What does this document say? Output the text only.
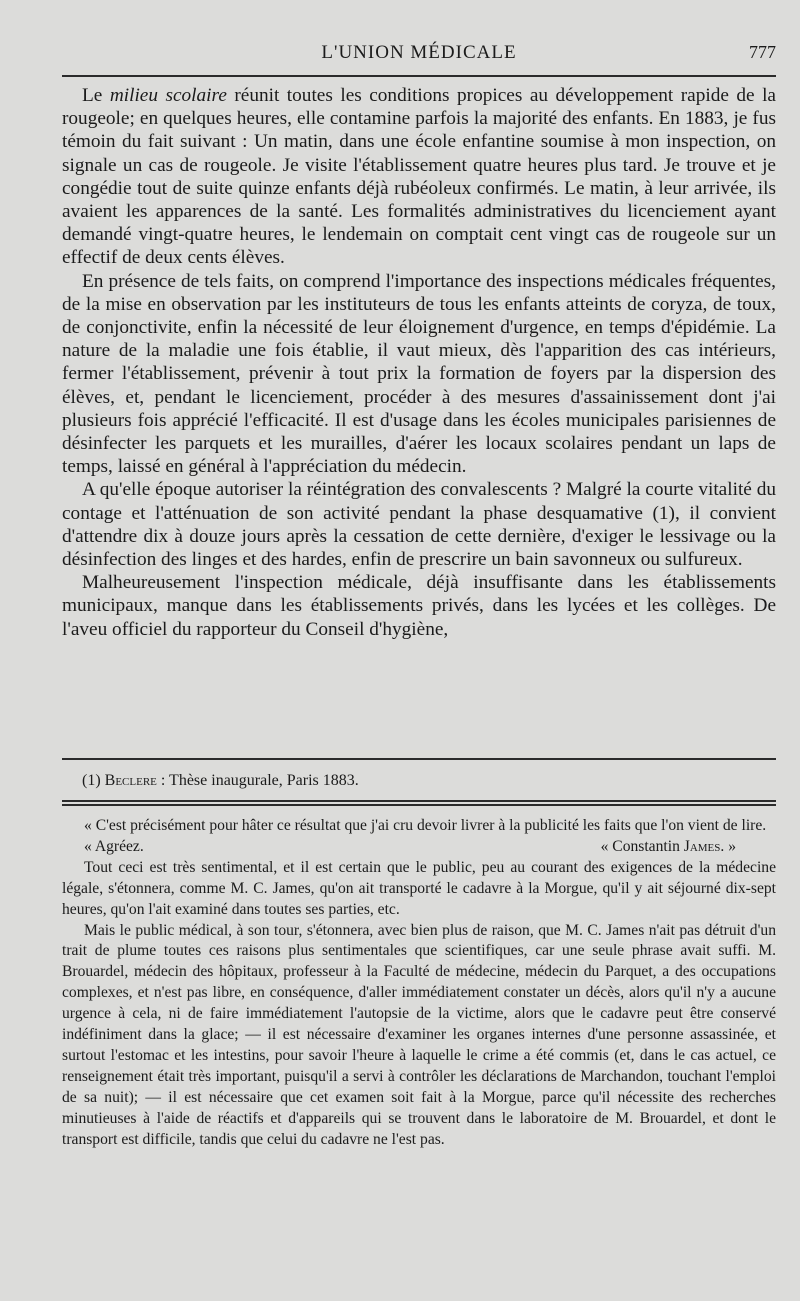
L'UNION MÉDICALE	777

Le milieu scolaire réunit toutes les conditions propices au développement rapide de la rougeole; en quelques heures, elle contamine parfois la majorité des enfants. En 1883, je fus témoin du fait suivant : Un matin, dans une école enfantine soumise à mon inspection, on signale un cas de rougeole. Je visite l'établissement quatre heures plus tard. Je trouve et je congédie tout de suite quinze enfants déjà rubéoleux confirmés. Le matin, à leur arrivée, ils avaient les apparences de la santé. Les formalités administratives du licenciement ayant demandé vingt-quatre heures, le lendemain on comptait cent vingt cas de rougeole sur un effectif de deux cents élèves.

En présence de tels faits, on comprend l'importance des inspections médicales fréquentes, de la mise en observation par les instituteurs de tous les enfants atteints de coryza, de toux, de conjonctivite, enfin la nécessité de leur éloignement d'urgence, en temps d'épidémie. La nature de la maladie une fois établie, il vaut mieux, dès l'apparition des cas intérieurs, fermer l'établissement, prévenir à tout prix la formation de foyers par la dispersion des élèves, et, pendant le licenciement, procéder à des mesures d'assainissement dont j'ai plusieurs fois apprécié l'efficacité. Il est d'usage dans les écoles municipales parisiennes de désinfecter les parquets et les murailles, d'aérer les locaux scolaires pendant un laps de temps, laissé en général à l'appréciation du médecin.

A qu'elle époque autoriser la réintégration des convalescents ? Malgré la courte vitalité du contage et l'atténuation de son activité pendant la phase desquamative (1), il convient d'attendre dix à douze jours après la cessation de cette dernière, d'exiger le lessivage ou la désinfection des linges et des hardes, enfin de prescrire un bain savonneux ou sulfureux.

Malheureusement l'inspection médicale, déjà insuffisante dans les établissements municipaux, manque dans les établissements privés, dans les lycées et les collèges. De l'aveu officiel du rapporteur du Conseil d'hygiène,

(1) Beclere : Thèse inaugurale, Paris 1883.

« C'est précisément pour hâter ce résultat que j'ai cru devoir livrer à la publicité les faits que l'on vient de lire.

« Agréez.	« Constantin James. »

Tout ceci est très sentimental, et il est certain que le public, peu au courant des exigences de la médecine légale, s'étonnera, comme M. C. James, qu'on ait transporté le cadavre à la Morgue, qu'il y ait séjourné dix-sept heures, qu'on l'ait examiné dans toutes ses parties, etc.

Mais le public médical, à son tour, s'étonnera, avec bien plus de raison, que M. C. James n'ait pas détruit d'un trait de plume toutes ces raisons plus sentimentales que scientifiques, car une seule phrase avait suffi. M. Brouardel, médecin des hôpitaux, professeur à la Faculté de médecine, médecin du Parquet, a des occupations complexes, et n'est pas libre, en conséquence, d'aller immédiatement constater un décès, alors qu'il n'y a aucune urgence à cela, ni de faire immédiatement l'autopsie de la victime, alors que le cadavre peut être conservé indéfiniment dans la glace; — il est nécessaire d'examiner les organes internes d'une personne assassinée, et surtout l'estomac et les intestins, pour savoir l'heure à laquelle le crime a été commis (et, dans le cas actuel, ce renseignement était très important, puisqu'il a servi à contrôler les déclarations de Marchandon, touchant l'emploi de sa nuit); — il est nécessaire que cet examen soit fait à la Morgue, parce qu'il nécessite des recherches minutieuses à l'aide de réactifs et d'appareils qui se trouvent dans le laboratoire de M. Brouardel, et dont le transport est difficile, tandis que celui du cadavre ne l'est pas.
